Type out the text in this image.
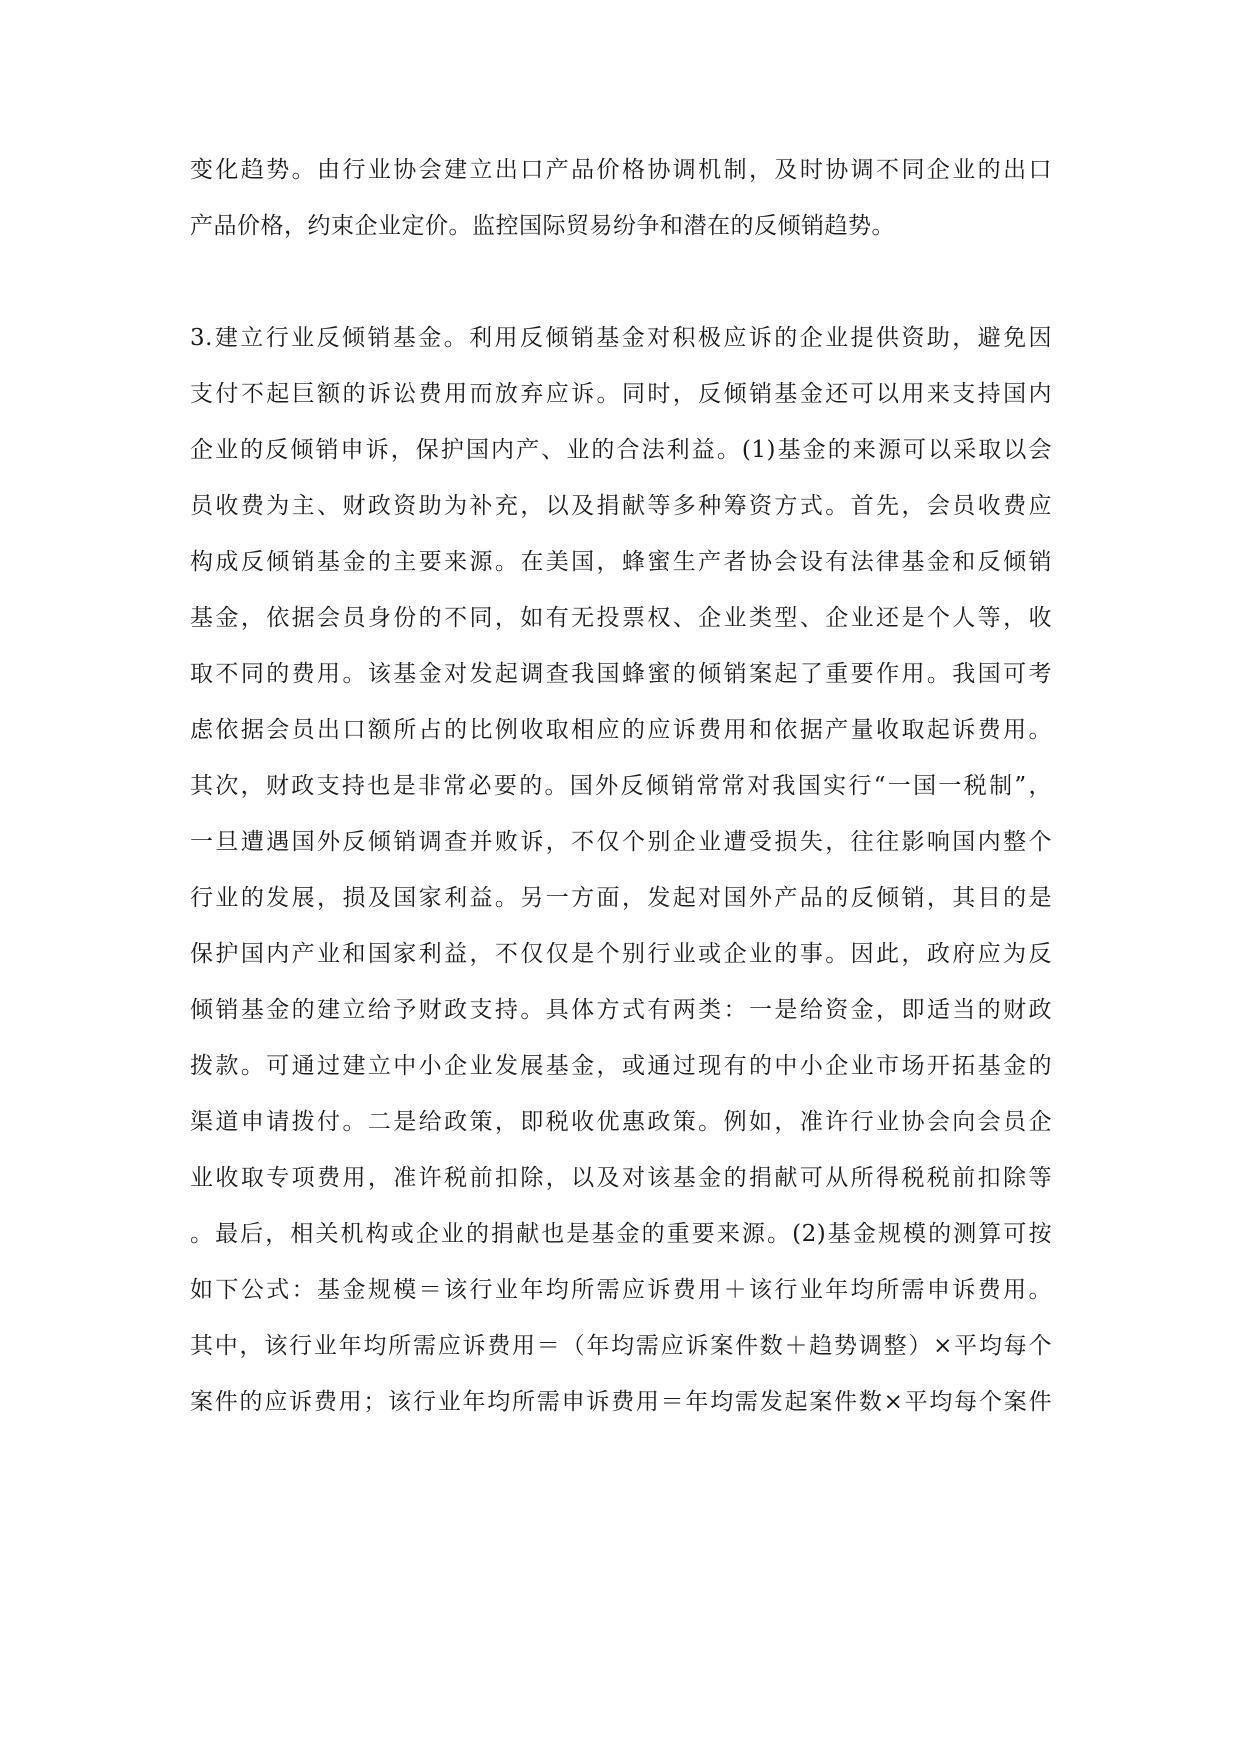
变化趋势。由行业协会建立出口产品价格协调机制，及时协调不同企业的出口
产品价格，约束企业定价。监控国际贸易纷争和潜在的反倾销趋势。
3.建立行业反倾销基金。利用反倾销基金对积极应诉的企业提供资助，避免因
支付不起巨额的诉讼费用而放弃应诉。同时，反倾销基金还可以用来支持国内
企业的反倾销申诉，保护国内产、业的合法利益。(1)基金的来源可以采取以会
员收费为主、财政资助为补充，以及捐献等多种筹资方式。首先，会员收费应
构成反倾销基金的主要来源。在美国，蜂蜜生产者协会设有法律基金和反倾销
基金，依据会员身份的不同，如有无投票权、企业类型、企业还是个人等，收
取不同的费用。该基金对发起调查我国蜂蜜的倾销案起了重要作用。我国可考
虑依据会员出口额所占的比例收取相应的应诉费用和依据产量收取起诉费用。
其次，财政支持也是非常必要的。国外反倾销常常对我国实行“一国一税制”，
一旦遭遇国外反倾销调查并败诉，不仅个别企业遭受损失，往往影响国内整个
行业的发展，损及国家利益。另一方面，发起对国外产品的反倾销，其目的是
保护国内产业和国家利益，不仅仅是个别行业或企业的事。因此，政府应为反
倾销基金的建立给予财政支持。具体方式有两类：一是给资金，即适当的财政
拨款。可通过建立中小企业发展基金，或通过现有的中小企业市场开拓基金的
渠道申请拨付。二是给政策，即税收优惠政策。例如，准许行业协会向会员企
业收取专项费用，准许税前扣除，以及对该基金的捐献可从所得税税前扣除等
。最后，相关机构或企业的捐献也是基金的重要来源。(2)基金规模的测算可按
如下公式：基金规模＝该行业年均所需应诉费用＋该行业年均所需申诉费用。
其中，该行业年均所需应诉费用＝（年均需应诉案件数＋趋势调整）×平均每个
案件的应诉费用；该行业年均所需申诉费用＝年均需发起案件数×平均每个案件
